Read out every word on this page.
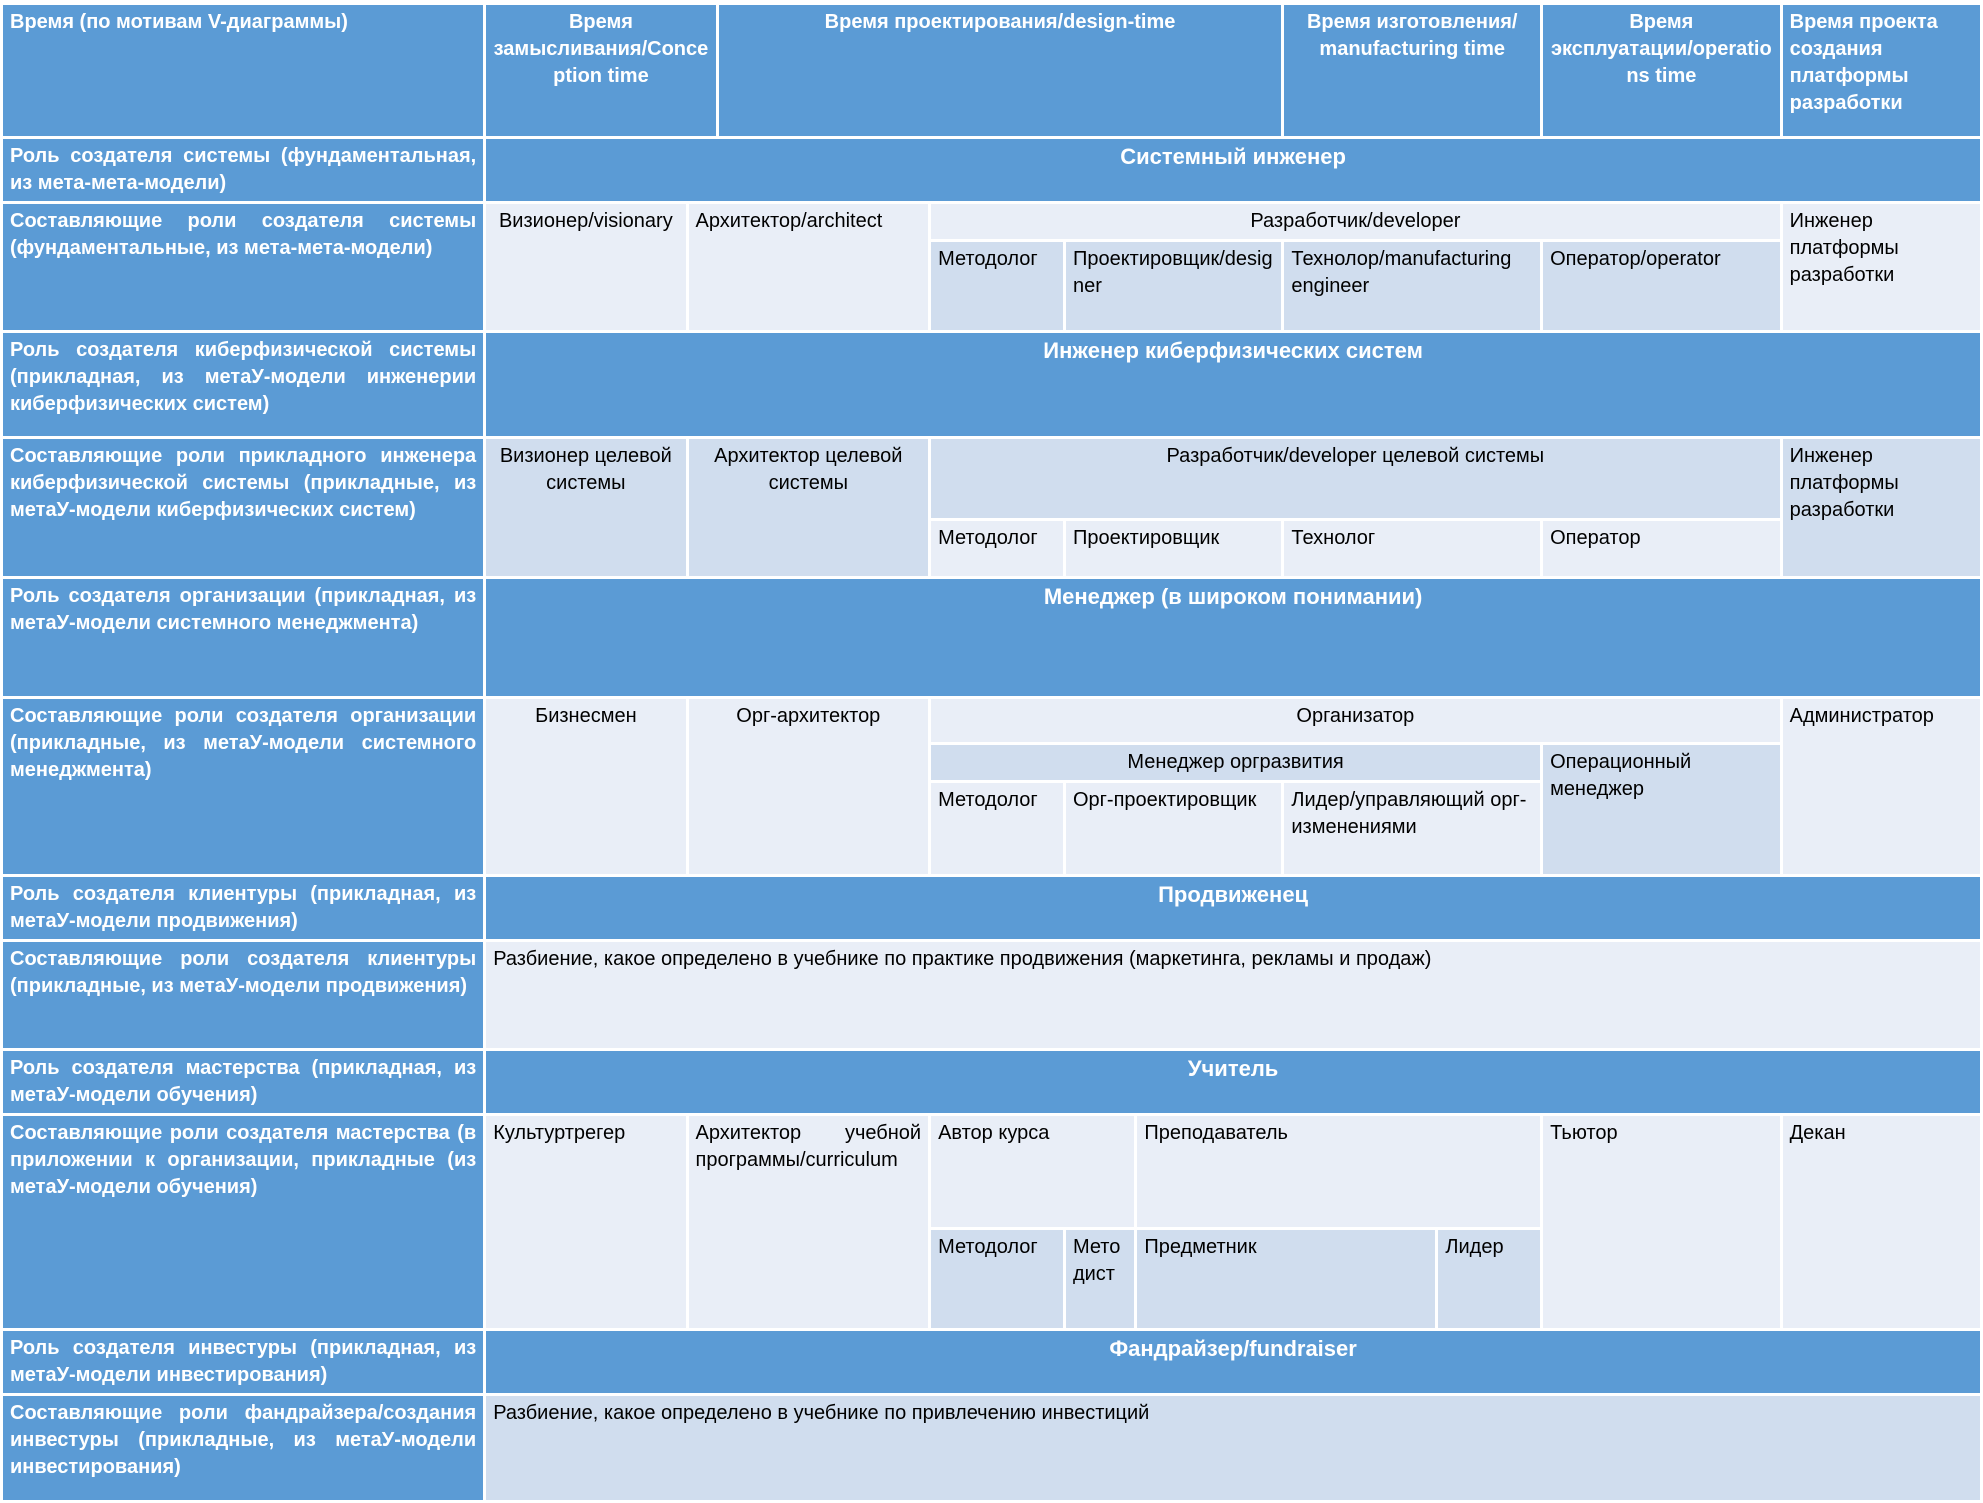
Время (по мотивам V-диаграммы)	Время замысливания/Conception time		Время проектирования/design-time				Время изготовления/ manufacturing time		Время эксплуатации/operations time	Время проекта создания платформы разработки
Роль создателя системы (фундаментальная, из мета-мета-модели)	Системный инженер									
Составляющие роли создателя системы (фундаментальные, из мета-мета-модели)	Визионер/visionary	Архитектор/architect		Разработчик/developer						Инженер платформы разработки
				Методолог	Проектировщик/designer		Технолор/manufacturing engineer		Оператор/operator	
Роль создателя киберфизической системы (прикладная, из метаУ-модели инженерии киберфизических систем)	Инженер киберфизических систем									
Составляющие роли прикладного инженера киберфизической системы (прикладные, из метаУ-модели киберфизических систем)	Визионер целевой системы	Архитектор целевой системы		Разработчик/developer целевой системы						Инженер платформы разработки
				Методолог	Проектировщик		Технолог		Оператор	
Роль создателя организации (прикладная, из метаУ-модели системного менеджмента)	Менеджер (в широком понимании)									
Составляющие роли создателя организации (прикладные, из метаУ-модели системного менеджмента)	Бизнесмен	Орг-архитектор		Организатор						Администратор
				Менеджер оргразвития					Операционный менеджер	
				Методолог	Орг-проектировщик		Лидер/управляющий орг-изменениями			
Роль создателя клиентуры (прикладная, из метаУ-модели продвижения)	Продвиженец									
Составляющие роли создателя клиентуры (прикладные, из метаУ-модели продвижения)	Разбиение, какое определено в учебнике по практике продвижения (маркетинга, рекламы и продаж)									
Роль создателя мастерства (прикладная, из метаУ-модели обучения)	Учитель									
Составляющие роли создателя мастерства (в приложении к организации, прикладные (из метаУ-модели обучения)	Культуртрегер	Архитектор учебной программы/curriculum		Автор курса		Преподаватель			Тьютор	Декан
				Методолог	Методист	Предметник		Лидер		
Роль создателя инвестуры (прикладная, из метаУ-модели инвестирования)	Фандрайзер/fundraiser									
Составляющие роли фандрайзера/создания инвестуры (прикладные, из метаУ-модели инвестирования)	Разбиение, какое определено в учебнике по привлечению инвестиций									
